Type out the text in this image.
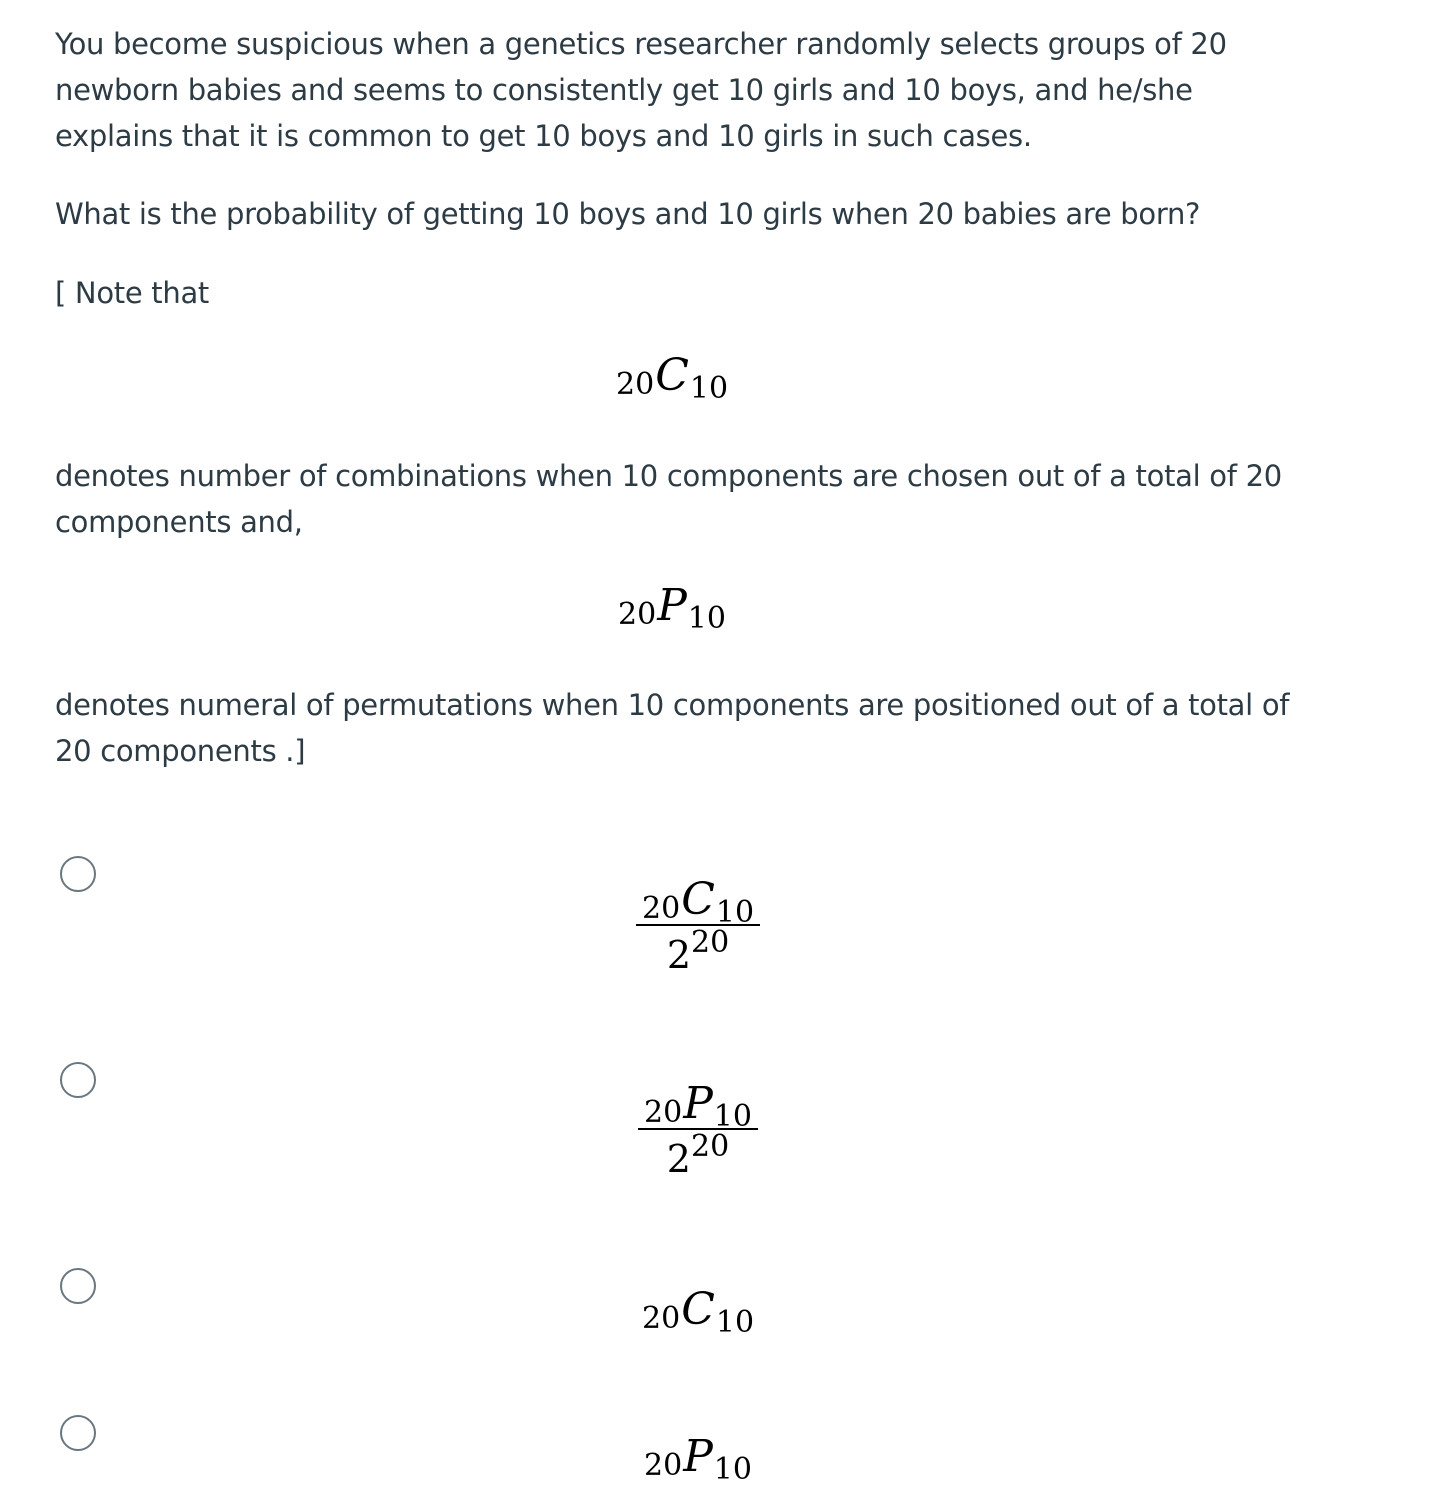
You become suspicious when a genetics researcher randomly selects groups of 20 newborn babies and seems to consistently get 10 girls and 10 boys, and he/she explains that it is common to get 10 boys and 10 girls in such cases.

What is the probability of getting 10 boys and 10 girls when 20 babies are born?

[ Note that

20 C 10

denotes number of combinations when 10 components are chosen out of a total of 20 components and,

20 P 10

denotes numeral of permutations when 10 components are positioned out of a total of 20 components .]

$\frac{20 C 10}{2 20}$
$\frac{20 P 10}{2 20}$
20 C 10
20 P 10
